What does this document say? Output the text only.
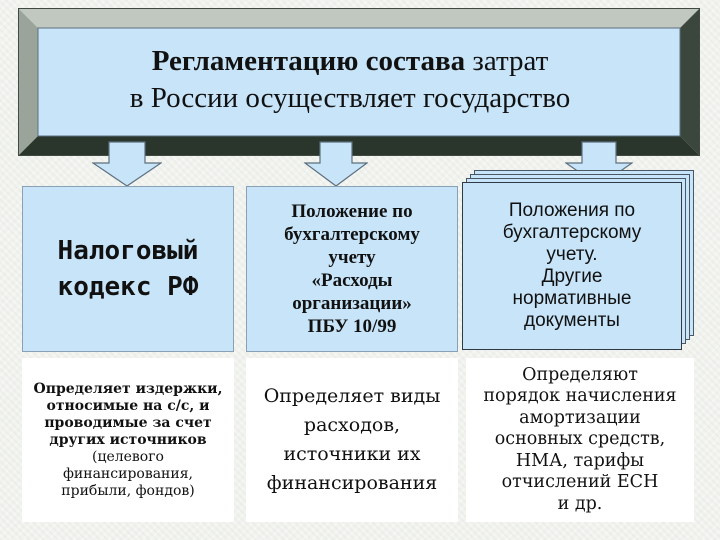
Регламентацию состава затрат
в России осуществляет государство
Налоговый
кодекс РФ
Положение по
бухгалтерскому
учету
«Расходы
организации»
ПБУ 10/99
Положения по
бухгалтерскому
учету.
Другие
нормативные
документы
Определяет издержки,
относимые на с/с, и
проводимые за счет
других источников
(целевого
финансирования,
прибыли, фондов)
Определяет виды
расходов,
источники их
финансирования
Определяют
порядок начисления
амортизации
основных средств,
НМА, тарифы
отчислений ЕСН
и др.
